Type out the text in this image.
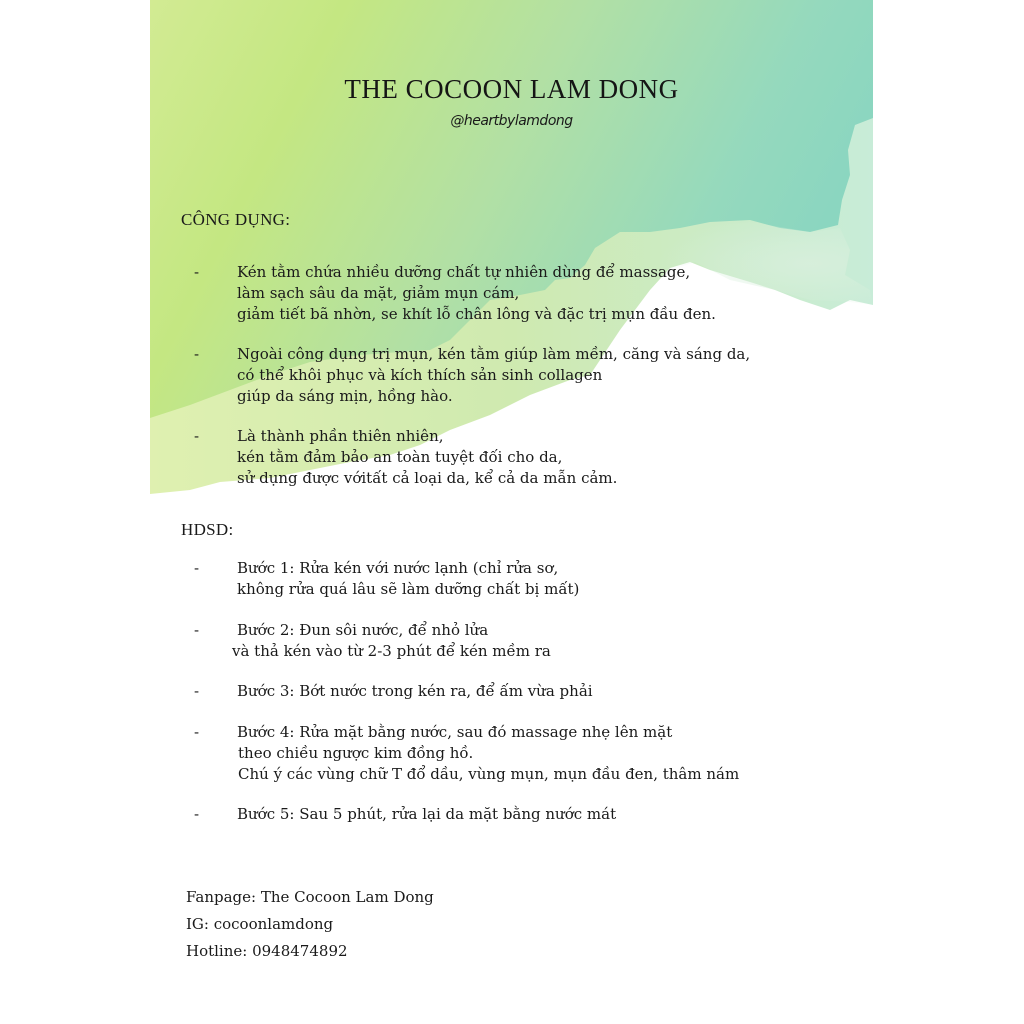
THE COCOON LAM DONG
@heartbylamdong
CÔNG DỤNG:
-	Kén tằm chứa nhiều dưỡng chất tự nhiên dùng để massage,
làm sạch sâu da mặt, giảm mụn cám,
giảm tiết bã nhờn, se khít lỗ chân lông và đặc trị mụn đầu đen.
-	Ngoài công dụng trị mụn, kén tằm giúp làm mềm, căng và sáng da,
có thể khôi phục và kích thích sản sinh collagen
giúp da sáng mịn, hồng hào.
-	Là thành phần thiên nhiên,
kén tằm đảm bảo an toàn tuyệt đối cho da,
sử dụng được vớitất cả loại da, kể cả da mẫn cảm.
HDSD:
-	Bước 1: Rửa kén với nước lạnh (chỉ rửa sơ,
không rửa quá lâu sẽ làm dưỡng chất bị mất)
-	Bước 2: Đun sôi nước, để nhỏ lửa
và thả kén vào từ 2-3 phút để kén mềm ra
-	Bước 3: Bớt nước trong kén ra, để ấm vừa phải
-	Bước 4: Rửa mặt bằng nước, sau đó massage nhẹ lên mặt
theo chiều ngược kim đồng hồ.
Chú ý các vùng chữ T đổ dầu, vùng mụn, mụn đầu đen, thâm nám
-	Bước 5: Sau 5 phút, rửa lại da mặt bằng nước mát
Fanpage: The Cocoon Lam Dong
IG: cocoonlamdong
Hotline: 0948474892
